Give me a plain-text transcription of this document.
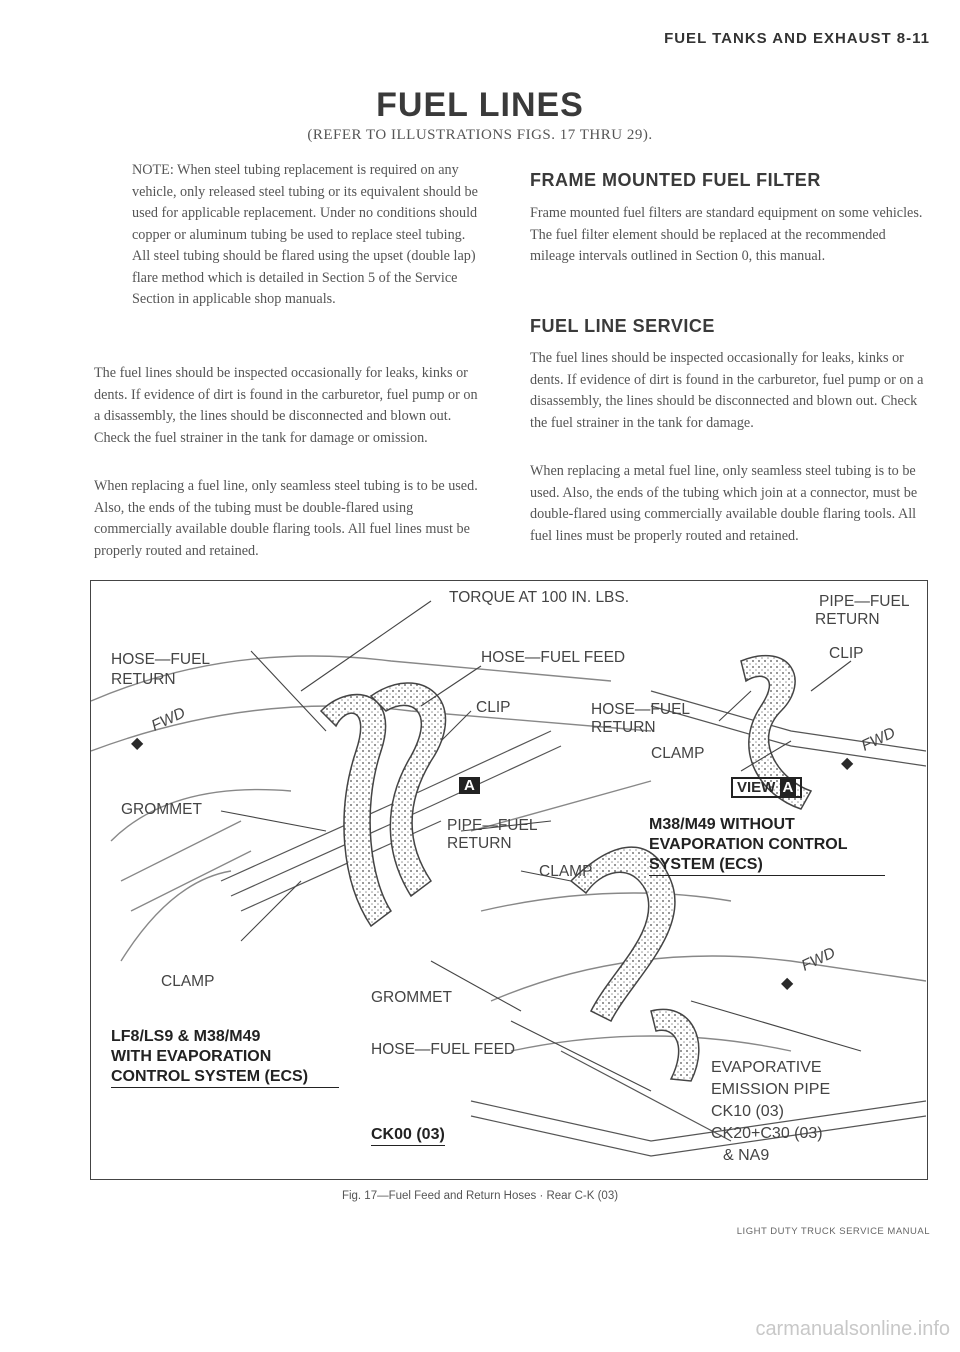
FUEL TANKS AND EXHAUST 8-11
FUEL LINES
(REFER TO ILLUSTRATIONS FIGS. 17 THRU 29).

NOTE: When steel tubing replacement is required on any vehicle, only released steel tubing or its equivalent should be used for applicable replacement. Under no conditions should copper or aluminum tubing be used to replace steel tubing. All steel tubing should be flared using the upset (double lap) flare method which is detailed in Section 5 of the Service Section in applicable shop manuals.

The fuel lines should be inspected occasionally for leaks, kinks or dents. If evidence of dirt is found in the carburetor, fuel pump or on a disassembly, the lines should be disconnected and blown out. Check the fuel strainer in the tank for damage or omission.

When replacing a fuel line, only seamless steel tubing is to be used. Also, the ends of the tubing must be double-flared using commercially available double flaring tools. All fuel lines must be properly routed and retained.

FRAME MOUNTED FUEL FILTER

Frame mounted fuel filters are standard equipment on some vehicles. The fuel filter element should be replaced at the recommended mileage intervals outlined in Section 0, this manual.

FUEL LINE SERVICE

The fuel lines should be inspected occasionally for leaks, kinks or dents. If evidence of dirt is found in the carburetor, fuel pump or on a disassembly, the lines should be disconnected and blown out. Check the fuel strainer in the tank for damage.

When replacing a metal fuel line, only seamless steel tubing is to be used. Also, the ends of the tubing which join at a connector, must be double-flared using commercially available double flaring tools. All fuel lines must be properly routed and retained.

TORQUE AT 100 IN. LBS.	PIPE—FUEL
RETURN
HOSE—FUEL
RETURN
HOSE—FUEL FEED	CLIP
CLIP	HOSE—FUEL
RETURN
CLAMP
FWD
◆	FWD
◆
GROMMET
VIEW A
A
PIPE—FUEL
RETURN
M38/M49 WITHOUT
EVAPORATION CONTROL
SYSTEM (ECS)
CLAMP
CLAMP
GROMMET
FWD
◆
LF8/LS9 & M38/M49
WITH EVAPORATION
CONTROL SYSTEM (ECS)
HOSE—FUEL FEED
EVAPORATIVE
EMISSION PIPE
CK10 (03)
CK20+C30 (03)
& NA9
CK00 (03)
Fig. 17—Fuel Feed and Return Hoses · Rear C-K (03)
LIGHT DUTY TRUCK SERVICE MANUAL
carmanualsonline.info
